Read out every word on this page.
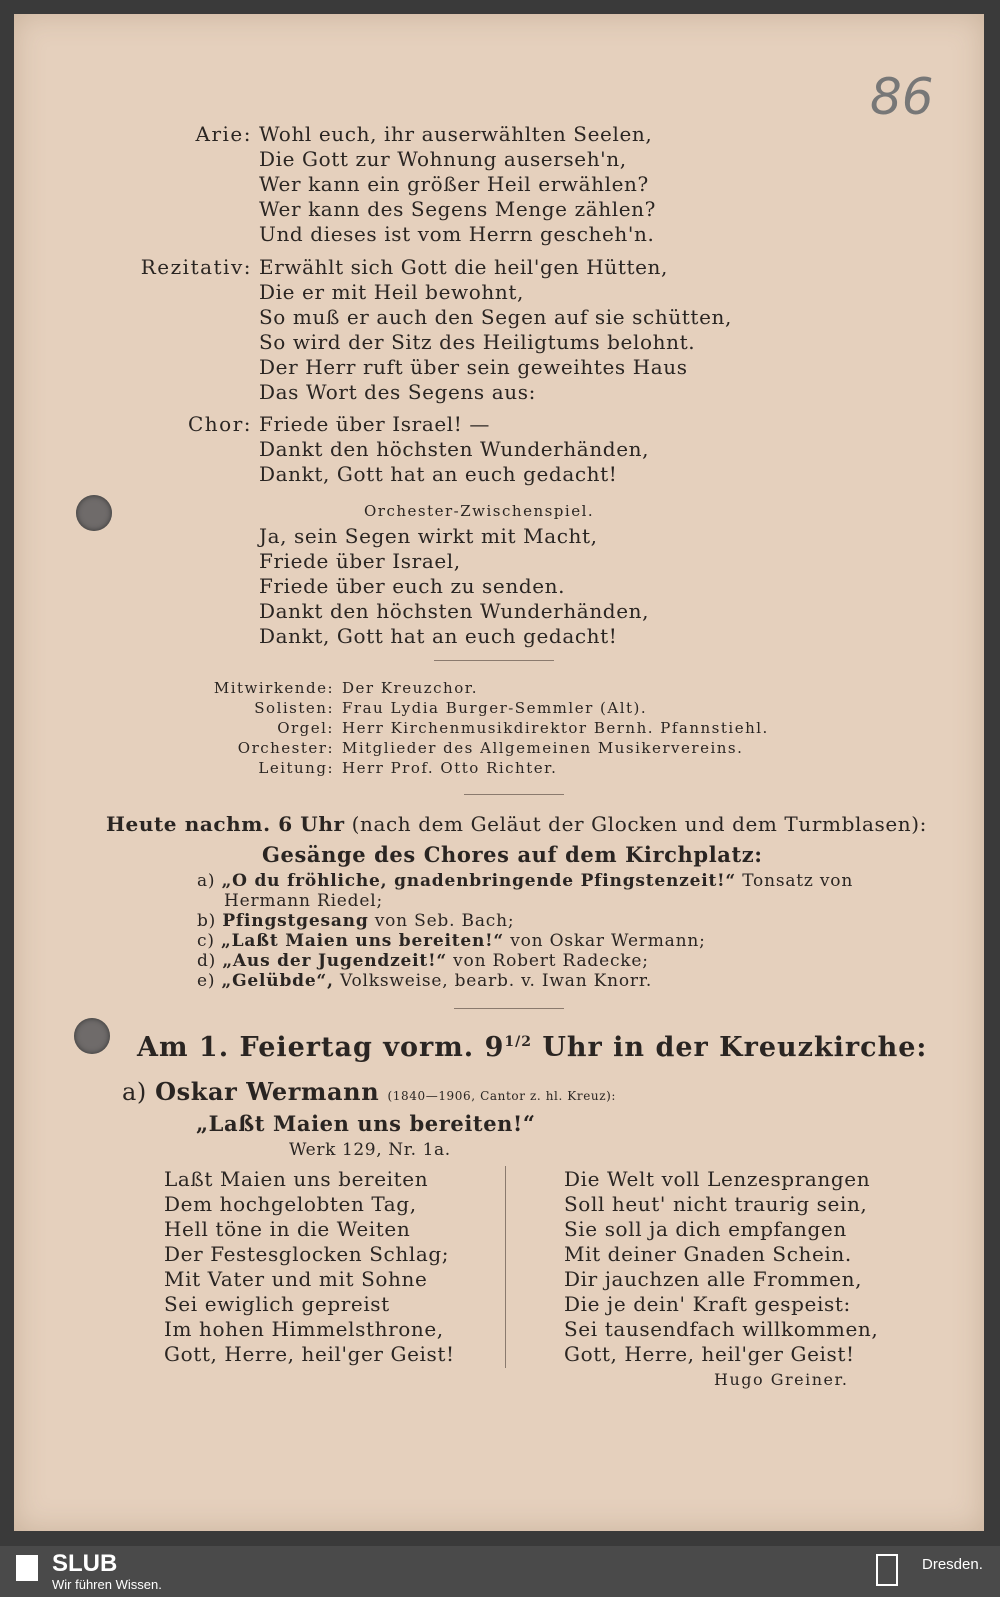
86
Arie: Wohl euch, ihr auserwählten Seelen,
Die Gott zur Wohnung auserseh'n,
Wer kann ein größer Heil erwählen?
Wer kann des Segens Menge zählen?
Und dieses ist vom Herrn gescheh'n.
Rezitativ: Erwählt sich Gott die heil'gen Hütten,
Die er mit Heil bewohnt,
So muß er auch den Segen auf sie schütten,
So wird der Sitz des Heiligtums belohnt.
Der Herr ruft über sein geweihtes Haus
Das Wort des Segens aus:
Chor: Friede über Israel! —
Dankt den höchsten Wunderhänden,
Dankt, Gott hat an euch gedacht!
Orchester-Zwischenspiel.
Ja, sein Segen wirkt mit Macht,
Friede über Israel,
Friede über euch zu senden.
Dankt den höchsten Wunderhänden,
Dankt, Gott hat an euch gedacht!
Mitwirkende: Der Kreuzchor.
Solisten: Frau Lydia Burger-Semmler (Alt).
Orgel: Herr Kirchenmusikdirektor Bernh. Pfannstiehl.
Orchester: Mitglieder des Allgemeinen Musikervereins.
Leitung: Herr Prof. Otto Richter.
Heute nachm. 6 Uhr (nach dem Geläut der Glocken und dem Turmblasen):
Gesänge des Chores auf dem Kirchplatz:
a) „O du fröhliche, gnadenbringende Pfingstenzeit!“ Tonsatz von
Hermann Riedel;
b) Pfingstgesang von Seb. Bach;
c) „Laßt Maien uns bereiten!“ von Oskar Wermann;
d) „Aus der Jugendzeit!“ von Robert Radecke;
e) „Gelübde“, Volksweise, bearb. v. Iwan Knorr.
Am 1. Feiertag vorm. $9^{1/2}$ Uhr in der Kreuzkirche:
a) Oskar Wermann (1840—1906, Cantor z. hl. Kreuz):
„Laßt Maien uns bereiten!“
Werk 129, Nr. 1a.
Laßt Maien uns bereiten
Dem hochgelobten Tag,
Hell töne in die Weiten
Der Festesglocken Schlag;
Mit Vater und mit Sohne
Sei ewiglich gepreist
Im hohen Himmelsthrone,
Gott, Herre, heil'ger Geist!
Die Welt voll Lenzesprangen
Soll heut' nicht traurig sein,
Sie soll ja dich empfangen
Mit deiner Gnaden Schein.
Dir jauchzen alle Frommen,
Die je dein' Kraft gespeist:
Sei tausendfach willkommen,
Gott, Herre, heil'ger Geist!
Hugo Greiner.
SLUB
Wir führen Wissen.
Dresden.
